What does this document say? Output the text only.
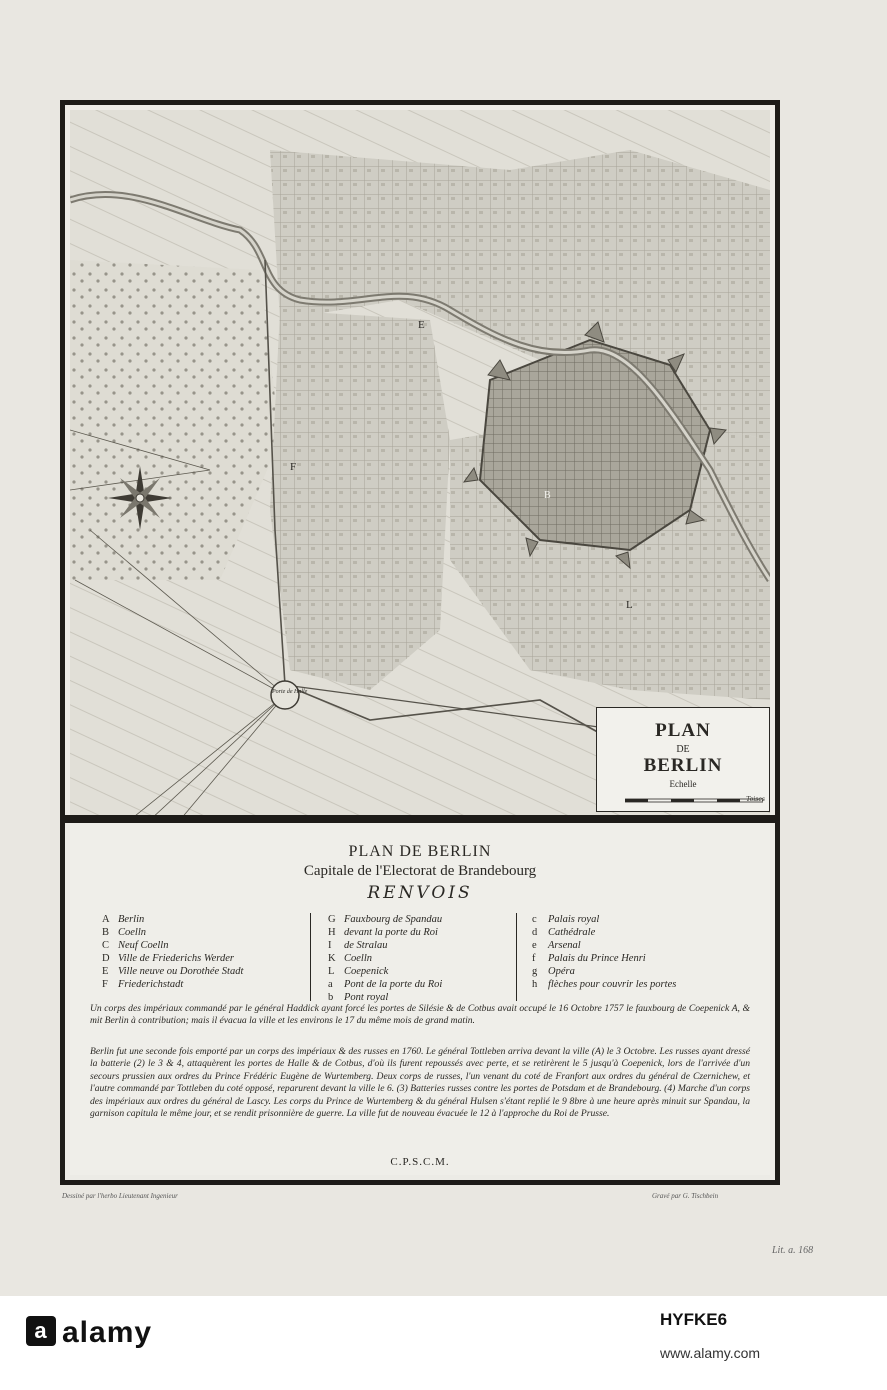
E
F
B
L
Porte de Halle
PLAN
DE
BERLIN
Echelle
Toises
PLAN DE BERLIN
Capitale de l'Electorat de Brandebourg
RENVOIS
A Berlin
B Coelln
C Neuf Coelln
D Ville de Friederichs Werder
E Ville neuve ou Dorothée Stadt
F Friederichstadt
G Fauxbourg de Spandau
H devant la porte du Roi
I de Stralau
K Coelln
L Coepenick
a Pont de la porte du Roi
b Pont royal
c Palais royal
d Cathédrale
e Arsenal
f Palais du Prince Henri
g Opéra
h flèches pour couvrir les portes
Un corps des impériaux commandé par le général Haddick ayant forcé les portes de Silésie & de Cotbus avait occupé le 16 Octobre 1757 le fauxbourg de Coepenick A, & mit Berlin à contribution; mais il évacua la ville et les environs le 17 du même mois de grand matin.
Berlin fut une seconde fois emporté par un corps des impériaux & des russes en 1760. Le général Tottleben arriva devant la ville (A) le 3 Octobre. Les russes ayant dressé la batterie (2) le 3 & 4, attaquèrent les portes de Halle & de Cotbus, d'où ils furent repoussés avec perte, et se retirèrent le 5 jusqu'à Coepenick, lors de l'arrivée d'un secours prussien aux ordres du Prince Frédéric Eugène de Wurtemberg. Deux corps de russes, l'un venant du coté de Franfort aux ordres du général de Czernichew, et l'autre commandé par Tottleben du coté opposé, reparurent devant la ville le 6. (3) Batteries russes contre les portes de Potsdam et de Brandebourg. (4) Marche d'un corps des impériaux aux ordres du général de Lascy. Les corps du Prince de Wurtemberg & du général Hulsen s'étant replié le 9 8bre à une heure après minuit sur Spandau, la garnison capitula le même jour, et se rendit prisonnière de guerre. La ville fut de nouveau évacuée le 12 à l'approche du Roi de Prusse.
C.P.S.C.M.
Dessiné par l'herbo Lieutenant Ingenieur	Gravé par G. Tischbein
Lit. a. 168
a alamy	HYFKE6
www.alamy.com
